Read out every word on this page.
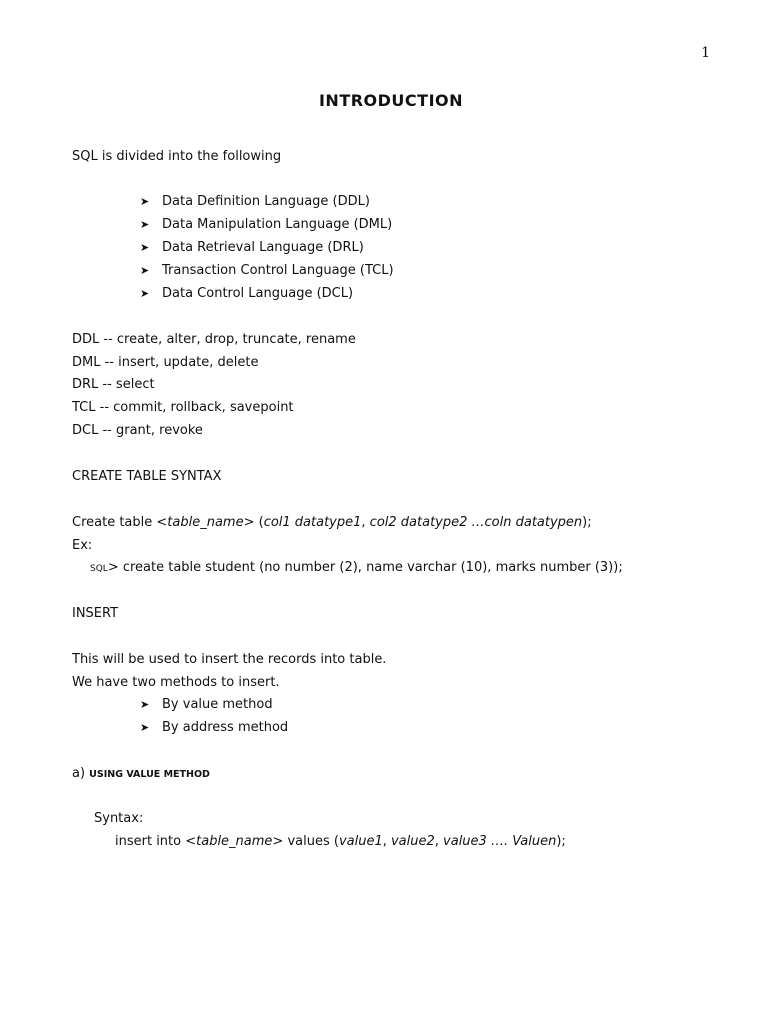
1
INTRODUCTION
SQL is divided into the following
➤ Data Definition Language (DDL)
➤ Data Manipulation Language (DML)
➤ Data Retrieval Language (DRL)
➤ Transaction Control Language (TCL)
➤ Data Control Language (DCL)
DDL -- create, alter, drop, truncate, rename
DML -- insert, update, delete
DRL -- select
TCL -- commit, rollback, savepoint
DCL -- grant, revoke
CREATE TABLE SYNTAX
Create table <table_name> (col1 datatype1, col2 datatype2 …coln datatypen);
Ex:
SQL> create table student (no number (2), name varchar (10), marks number (3));
INSERT
This will be used to insert the records into table.
We have two methods to insert.
➤ By value method
➤ By address method
a) USING VALUE METHOD
Syntax:
insert into <table_name> values (value1, value2, value3 …. Valuen);
